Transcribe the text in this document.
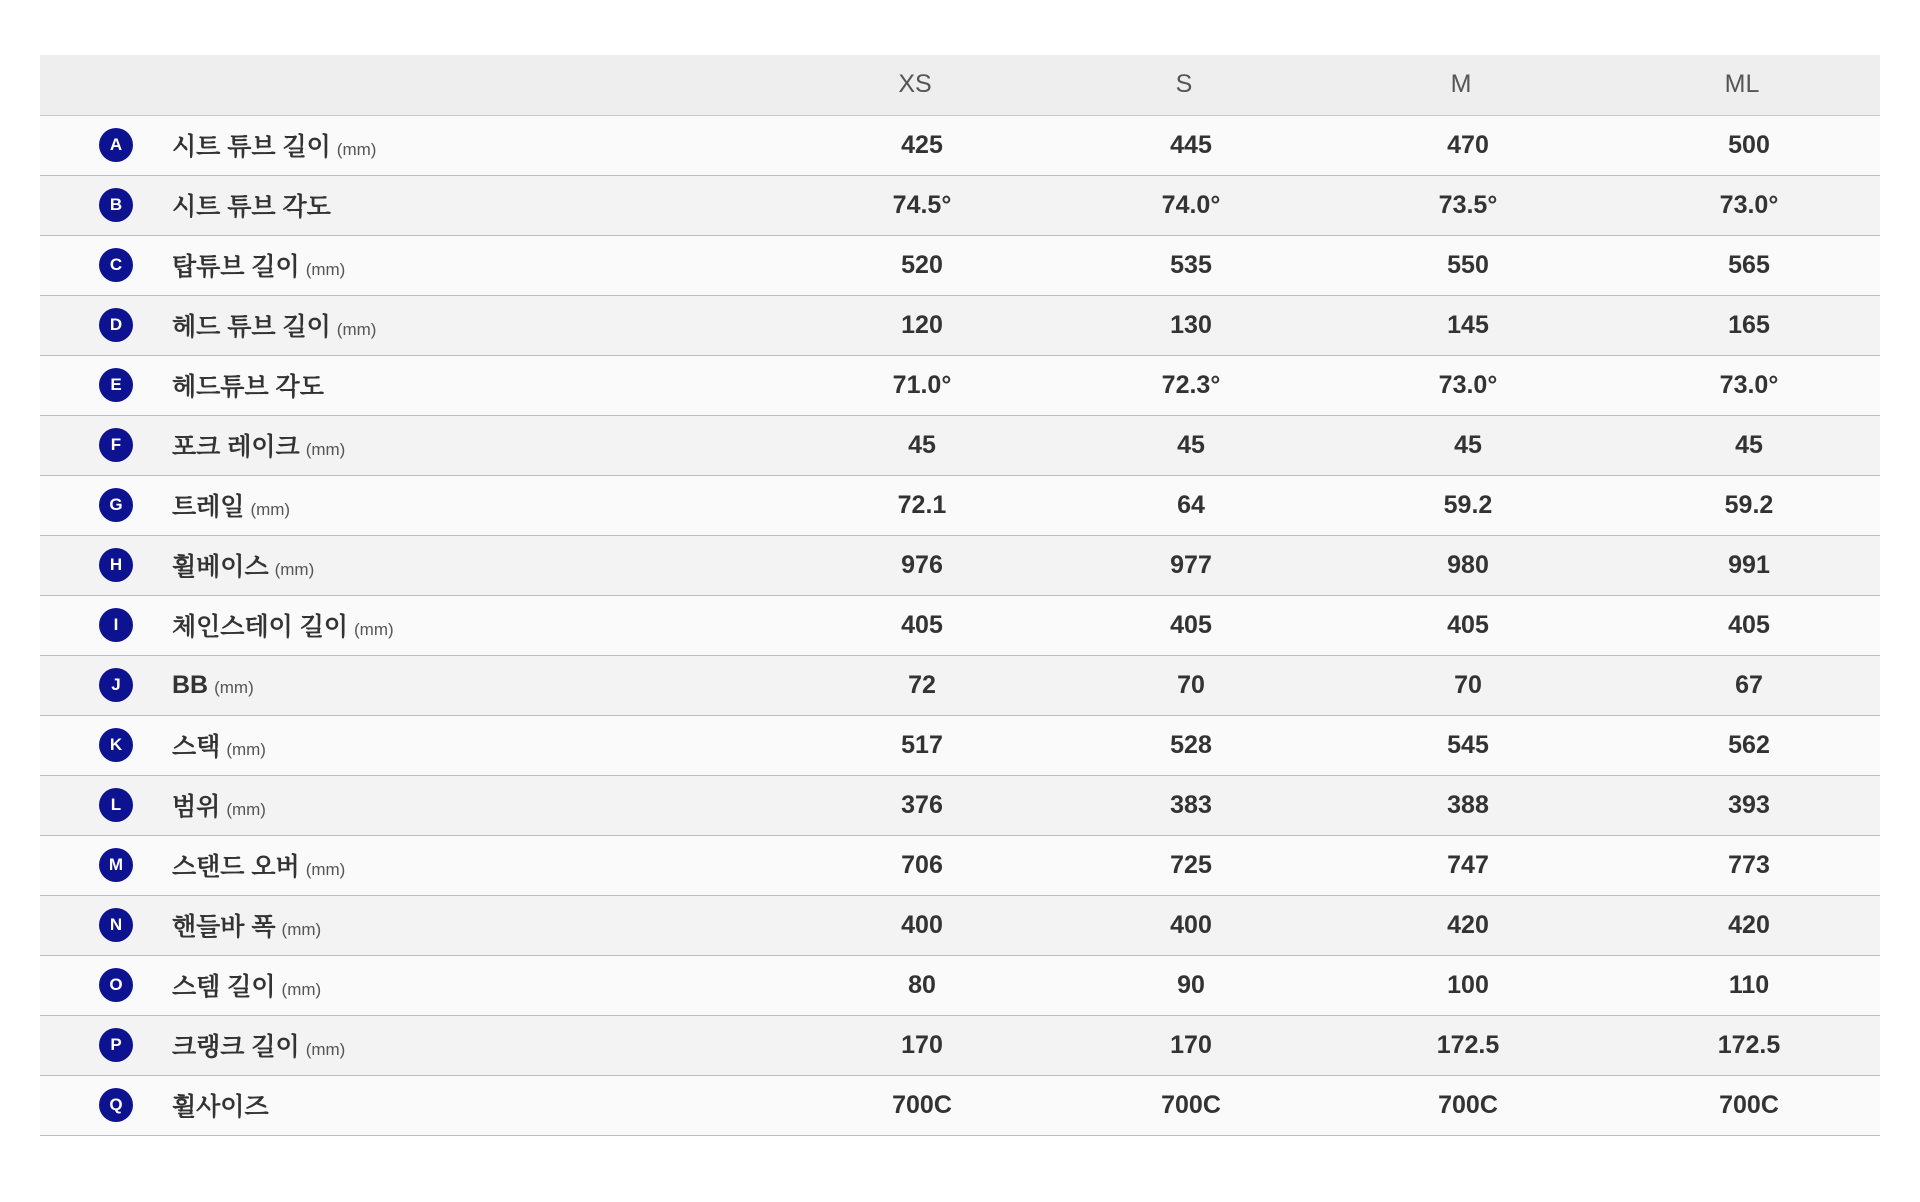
		XS	S	M	ML
A	시트 튜브 길이 (mm)	425	445	470	500
B	시트 튜브 각도	74.5°	74.0°	73.5°	73.0°
C	탑튜브 길이 (mm)	520	535	550	565
D	헤드 튜브 길이 (mm)	120	130	145	165
E	헤드튜브 각도	71.0°	72.3°	73.0°	73.0°
F	포크 레이크 (mm)	45	45	45	45
G	트레일 (mm)	72.1	64	59.2	59.2
H	휠베이스 (mm)	976	977	980	991
I	체인스테이 길이 (mm)	405	405	405	405
J	BB (mm)	72	70	70	67
K	스택 (mm)	517	528	545	562
L	범위 (mm)	376	383	388	393
M	스탠드 오버 (mm)	706	725	747	773
N	핸들바 폭 (mm)	400	400	420	420
O	스템 길이 (mm)	80	90	100	110
P	크랭크 길이 (mm)	170	170	172.5	172.5
Q	휠사이즈	700C	700C	700C	700C
